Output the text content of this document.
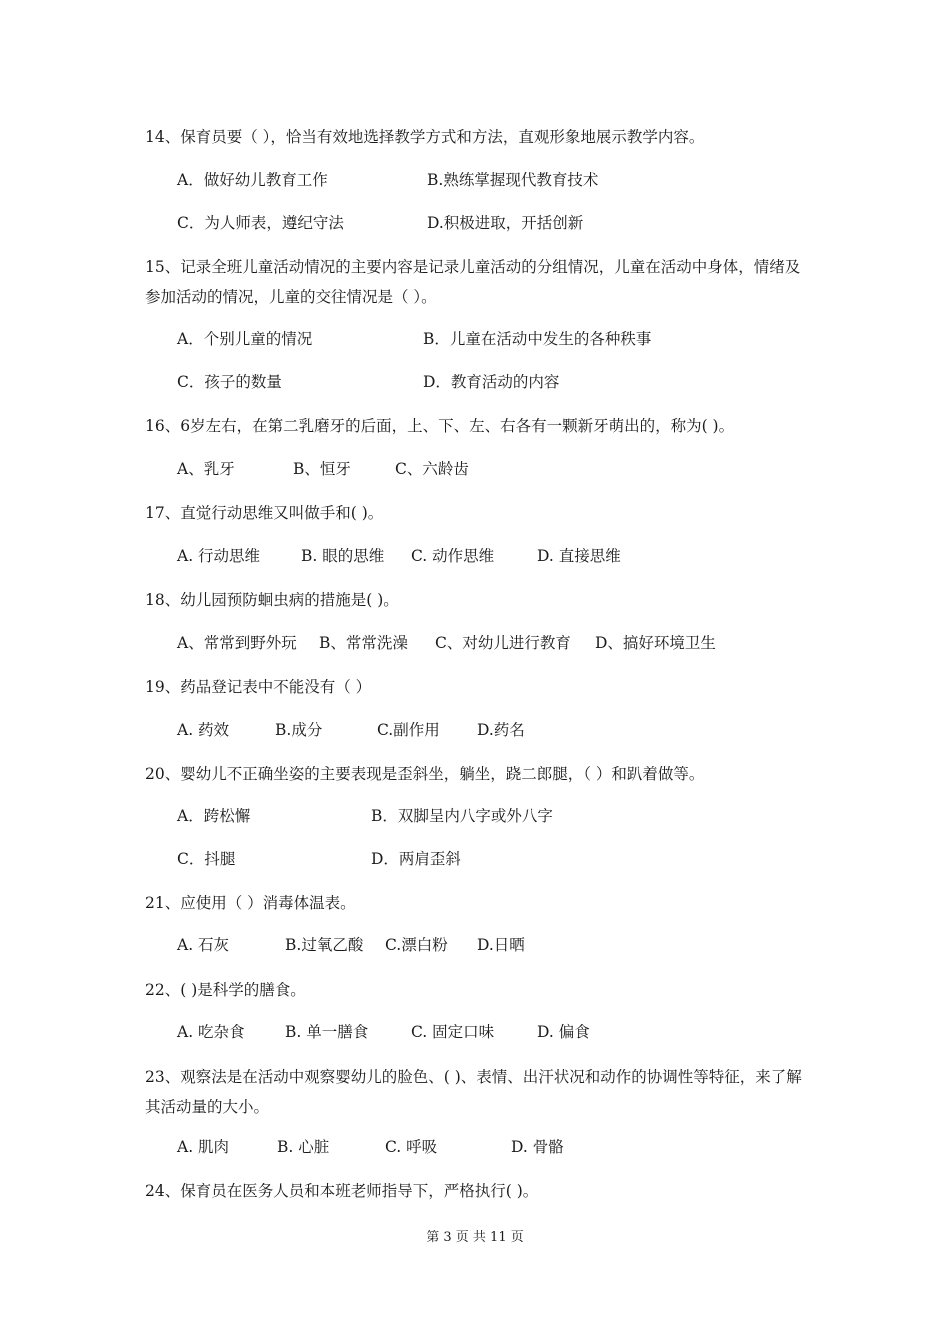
14、保育员要（ ），恰当有效地选择教学方式和方法，直观形象地展示教学内容。

A．做好幼儿教育工作	B.熟练掌握现代教育技术
C．为人师表，遵纪守法	D.积极进取，开括创新

15、记录全班儿童活动情况的主要内容是记录儿童活动的分组情况，儿童在活动中身体，情绪及参加活动的情况，儿童的交往情况是（ ）。

A．个别儿童的情况	B．儿童在活动中发生的各种秩事
C．孩子的数量	D．教育活动的内容

16、6岁左右，在第二乳磨牙的后面，上、下、左、右各有一颗新牙萌出的，称为( )。

A、乳牙	B、恒牙	C、六龄齿

17、直觉行动思维又叫做手和( )。

A. 行动思维	B. 眼的思维 C. 动作思维	D. 直接思维

18、幼儿园预防蛔虫病的措施是( )。

A、常常到野外玩 B、常常洗澡 C、对幼儿进行教育 D、搞好环境卫生

19、药品登记表中不能没有（ ）

A. 药效	B.成分	C.副作用 D.药名

20、婴幼儿不正确坐姿的主要表现是歪斜坐，躺坐，跷二郎腿，（ ）和趴着做等。

A．跨松懈	B．双脚呈内八字或外八字
C．抖腿	D．两肩歪斜

21、应使用（ ）消毒体温表。

A. 石灰	B.过氧乙酸 C.漂白粉 D.日晒

22、( )是科学的膳食。

A. 吃杂食	B. 单一膳食	C. 固定口味	D. 偏食

23、观察法是在活动中观察婴幼儿的脸色、( )、表情、出汗状况和动作的协调性等特征，来了解其活动量的大小。

A. 肌肉	B. 心脏	C. 呼吸	D. 骨骼

24、保育员在医务人员和本班老师指导下，严格执行( )。

第 3 页 共 11 页
